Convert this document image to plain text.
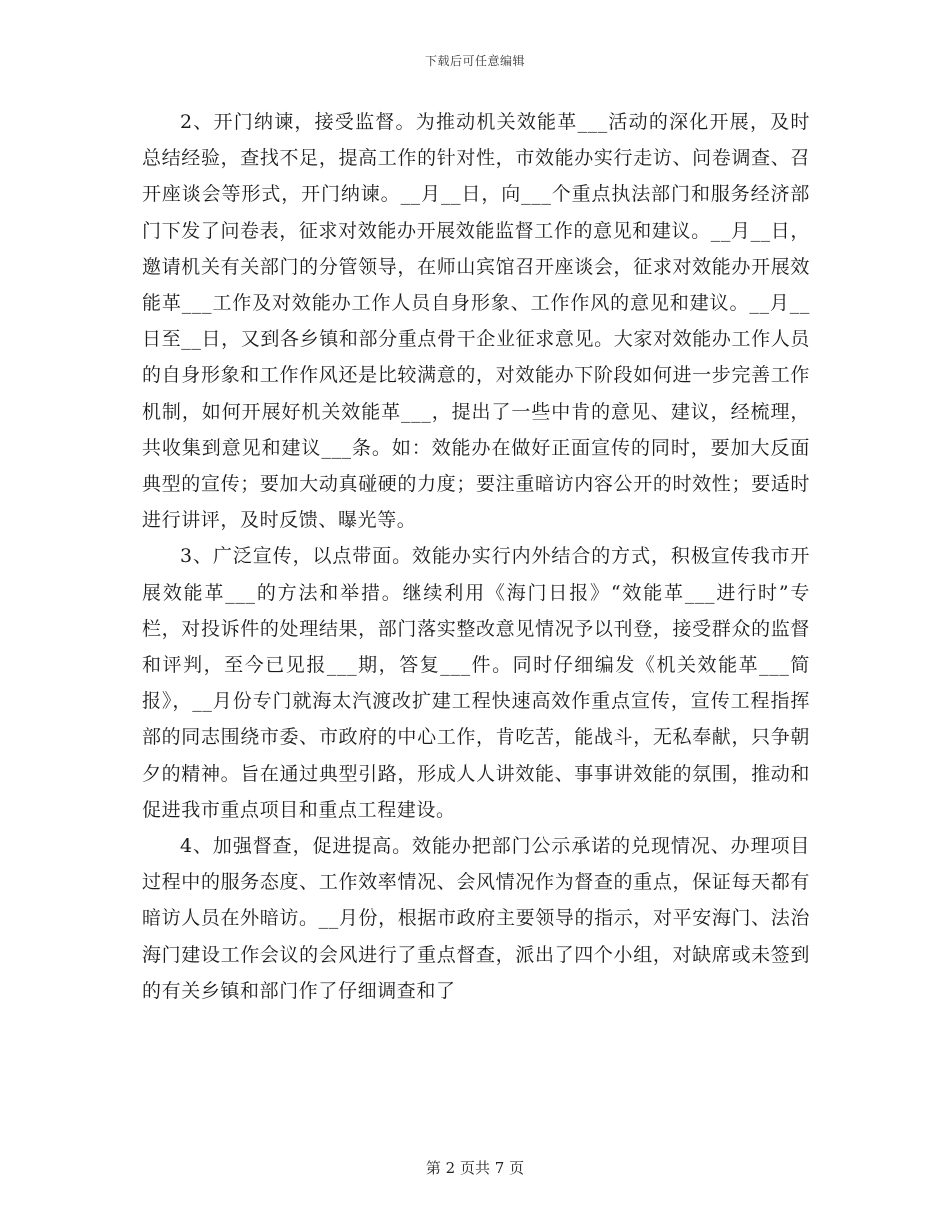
下载后可任意编辑

2、开门纳谏，接受监督。为推动机关效能革___活动的深化开展，及时总结经验，查找不足，提高工作的针对性，市效能办实行走访、问卷调查、召开座谈会等形式，开门纳谏。__月__日，向___个重点执法部门和服务经济部门下发了问卷表，征求对效能办开展效能监督工作的意见和建议。__月__日，邀请机关有关部门的分管领导，在师山宾馆召开座谈会，征求对效能办开展效能革___工作及对效能办工作人员自身形象、工作作风的意见和建议。__月__日至__日，又到各乡镇和部分重点骨干企业征求意见。大家对效能办工作人员的自身形象和工作作风还是比较满意的，对效能办下阶段如何进一步完善工作机制，如何开展好机关效能革___，提出了一些中肯的意见、建议，经梳理，共收集到意见和建议___条。如：效能办在做好正面宣传的同时，要加大反面典型的宣传；要加大动真碰硬的力度；要注重暗访内容公开的时效性；要适时进行讲评，及时反馈、曝光等。

3、广泛宣传，以点带面。效能办实行内外结合的方式，积极宣传我市开展效能革___的方法和举措。继续利用《海门日报》“效能革___进行时”专栏，对投诉件的处理结果，部门落实整改意见情况予以刊登，接受群众的监督和评判，至今已见报___期，答复___件。同时仔细编发《机关效能革___简报》，__月份专门就海太汽渡改扩建工程快速高效作重点宣传，宣传工程指挥部的同志围绕市委、市政府的中心工作，肯吃苦，能战斗，无私奉献，只争朝夕的精神。旨在通过典型引路，形成人人讲效能、事事讲效能的氛围，推动和促进我市重点项目和重点工程建设。

4、加强督查，促进提高。效能办把部门公示承诺的兑现情况、办理项目过程中的服务态度、工作效率情况、会风情况作为督查的重点，保证每天都有暗访人员在外暗访。__月份，根据市政府主要领导的指示，对平安海门、法治海门建设工作会议的会风进行了重点督查，派出了四个小组，对缺席或未签到的有关乡镇和部门作了仔细调查和了

第 2 页共 7 页
